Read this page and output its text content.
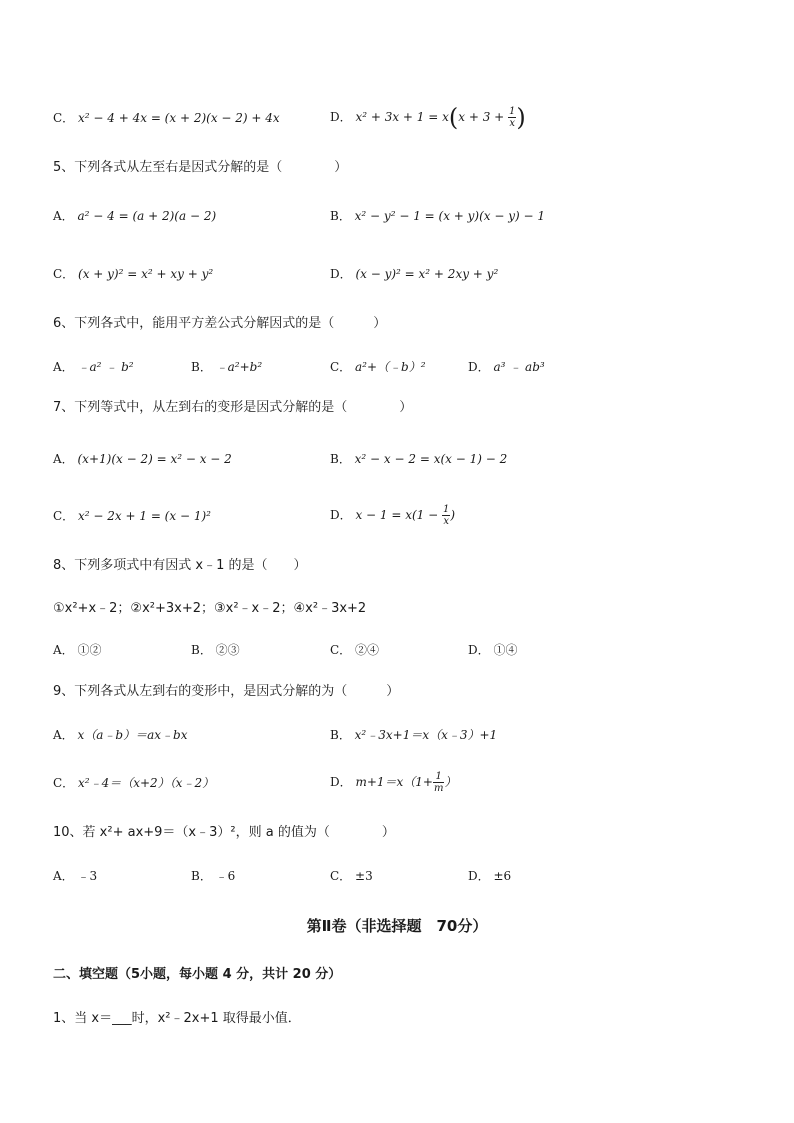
C． x² − 4 + 4x = (x + 2)(x − 2) + 4x	D． $x^2 + 3x + 1 = x(x + 3 + \frac{1}{x}$ )
5、下列各式从左至右是因式分解的是（　　　　）
A． a² − 4 = (a + 2)(a − 2)	B． x² − y² − 1 = (x + y)(x − y) − 1
C． (x + y)² = x² + xy + y²	D． (x − y)² = x² + 2xy + y²
6、下列各式中，能用平方差公式分解因式的是（　　　）
A． ﹣a² ﹣ b²	B． ﹣a²+b²	C． a²+（﹣b）²	D． a³ ﹣ ab³
7、下列等式中，从左到右的变形是因式分解的是（　　　　）
A． (x+1)(x − 2) = x² − x − 2	B． x² − x − 2 = x(x − 1) − 2
C． x² − 2x + 1 = (x − 1)²	D． $x - 1 = x(1 - \frac{1}{x}$ )
8、下列多项式中有因式 x﹣1 的是（　　）
①x²+x﹣2；②x²+3x+2；③x²﹣x﹣2；④x²﹣3x+2
A． ①②	B． ②③	C． ②④	D． ①④
9、下列各式从左到右的变形中，是因式分解的为（　　　）
A． x（a﹣b）＝ax﹣bx	B． x²﹣3x+1＝x（x﹣3）+1
C． x²﹣4＝（x+2）（x﹣2）	D． $m+1=x(1+ \frac{1}{m}$ ）
10、若 x²+ ax+9＝（x﹣3）²，则 a 的值为（　　　　）
A． ﹣3	B． ﹣6	C． ±3	D． ±6
第Ⅱ卷（非选择题　70分）
二、填空题（5小题，每小题 4 分，共计 20 分）
1、当 x＝___时，x²﹣2x+1 取得最小值．
